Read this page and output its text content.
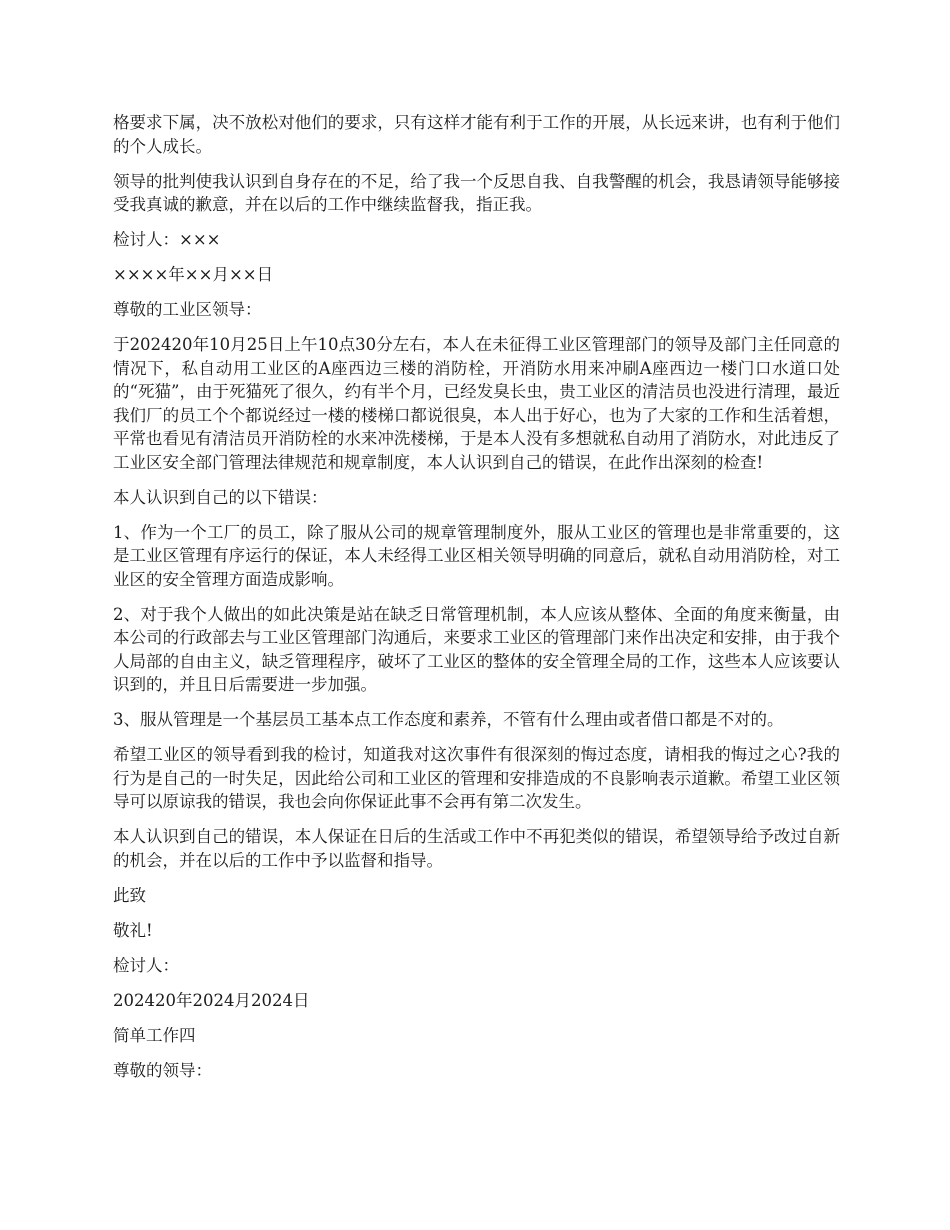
格要求下属，决不放松对他们的要求，只有这样才能有利于工作的开展，从长远来讲，也有利于他们的个人成长。

领导的批判使我认识到自身存在的不足，给了我一个反思自我、自我警醒的机会，我恳请领导能够接受我真诚的歉意，并在以后的工作中继续监督我，指正我。

检讨人：×××

××××年××月××日

尊敬的工业区领导：

于202420年10月25日上午10点30分左右，本人在未征得工业区管理部门的领导及部门主任同意的情况下，私自动用工业区的A座西边三楼的消防栓，开消防水用来冲刷A座西边一楼门口水道口处的“死猫”，由于死猫死了很久，约有半个月，已经发臭长虫，贵工业区的清洁员也没进行清理，最近我们厂的员工个个都说经过一楼的楼梯口都说很臭，本人出于好心，也为了大家的工作和生活着想，平常也看见有清洁员开消防栓的水来冲洗楼梯，于是本人没有多想就私自动用了消防水，对此违反了工业区安全部门管理法律规范和规章制度，本人认识到自己的错误，在此作出深刻的检查!

本人认识到自己的以下错误：

1、作为一个工厂的员工，除了服从公司的规章管理制度外，服从工业区的管理也是非常重要的，这是工业区管理有序运行的保证，本人未经得工业区相关领导明确的同意后，就私自动用消防栓，对工业区的安全管理方面造成影响。

2、对于我个人做出的如此决策是站在缺乏日常管理机制，本人应该从整体、全面的角度来衡量，由本公司的行政部去与工业区管理部门沟通后，来要求工业区的管理部门来作出决定和安排，由于我个人局部的自由主义，缺乏管理程序，破坏了工业区的整体的安全管理全局的工作，这些本人应该要认识到的，并且日后需要进一步加强。

3、服从管理是一个基层员工基本点工作态度和素养，不管有什么理由或者借口都是不对的。

希望工业区的领导看到我的检讨，知道我对这次事件有很深刻的悔过态度，请相我的悔过之心?我的行为是自己的一时失足，因此给公司和工业区的管理和安排造成的不良影响表示道歉。希望工业区领导可以原谅我的错误，我也会向你保证此事不会再有第二次发生。

本人认识到自己的错误，本人保证在日后的生活或工作中不再犯类似的错误，希望领导给予改过自新的机会，并在以后的工作中予以监督和指导。

此致

敬礼!

检讨人：

202420年2024月2024日

简单工作四

尊敬的领导：
